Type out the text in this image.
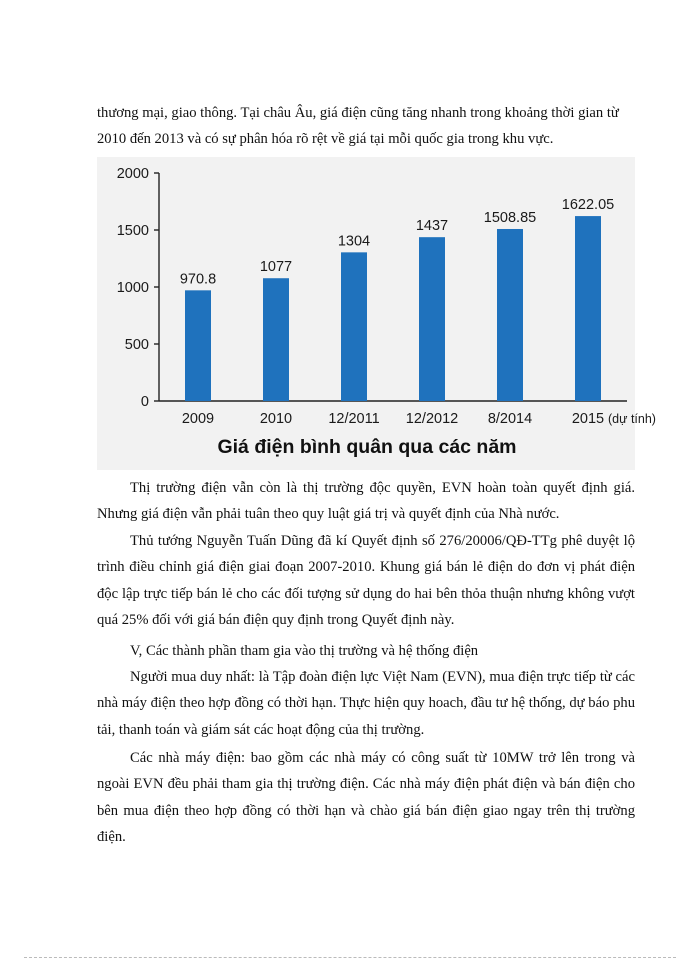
thương mại, giao thông. Tại châu Âu, giá điện cũng tăng nhanh trong khoảng thời gian từ
2010 đến 2013 và có sự phân hóa rõ rệt về giá tại mỗi quốc gia trong khu vực.

0
500
1000
1500
2000
970.8
1077
1304
1437
1508.85
1622.05
2009	2010 12/2011 12/2012 8/2014	2015 (dự tính)
Giá điện bình quân qua các năm

Thị trường điện vẫn còn là thị trường độc quyền, EVN hoàn toàn quyết định giá. Nhưng giá điện vẫn phải tuân theo quy luật giá trị và quyết định của Nhà nước.

Thủ tướng Nguyễn Tuấn Dũng đã kí Quyết định số 276/20006/QĐ-TTg phê duyệt lộ trình điều chỉnh giá điện giai đoạn 2007-2010. Khung giá bán lẻ điện do đơn vị phát điện độc lập trực tiếp bán lẻ cho các đối tượng sử dụng do hai bên thỏa thuận nhưng không vượt quá 25% đối với giá bán điện quy định trong Quyết định này.

V, Các thành phần tham gia vào thị trường và hệ thống điện

Người mua duy nhất: là Tập đoàn điện lực Việt Nam (EVN), mua điện trực tiếp từ các nhà máy điện theo hợp đồng có thời hạn. Thực hiện quy hoach, đầu tư hệ thống, dự báo phu tải, thanh toán và giám sát các hoạt động của thị trường.

Các nhà máy điện: bao gồm các nhà máy có công suất từ 10MW trở lên trong và ngoài EVN đều phải tham gia thị trường điện. Các nhà máy điện phát điện và bán điện cho bên mua điện theo hợp đồng có thời hạn và chào giá bán điện giao ngay trên thị trường điện.
